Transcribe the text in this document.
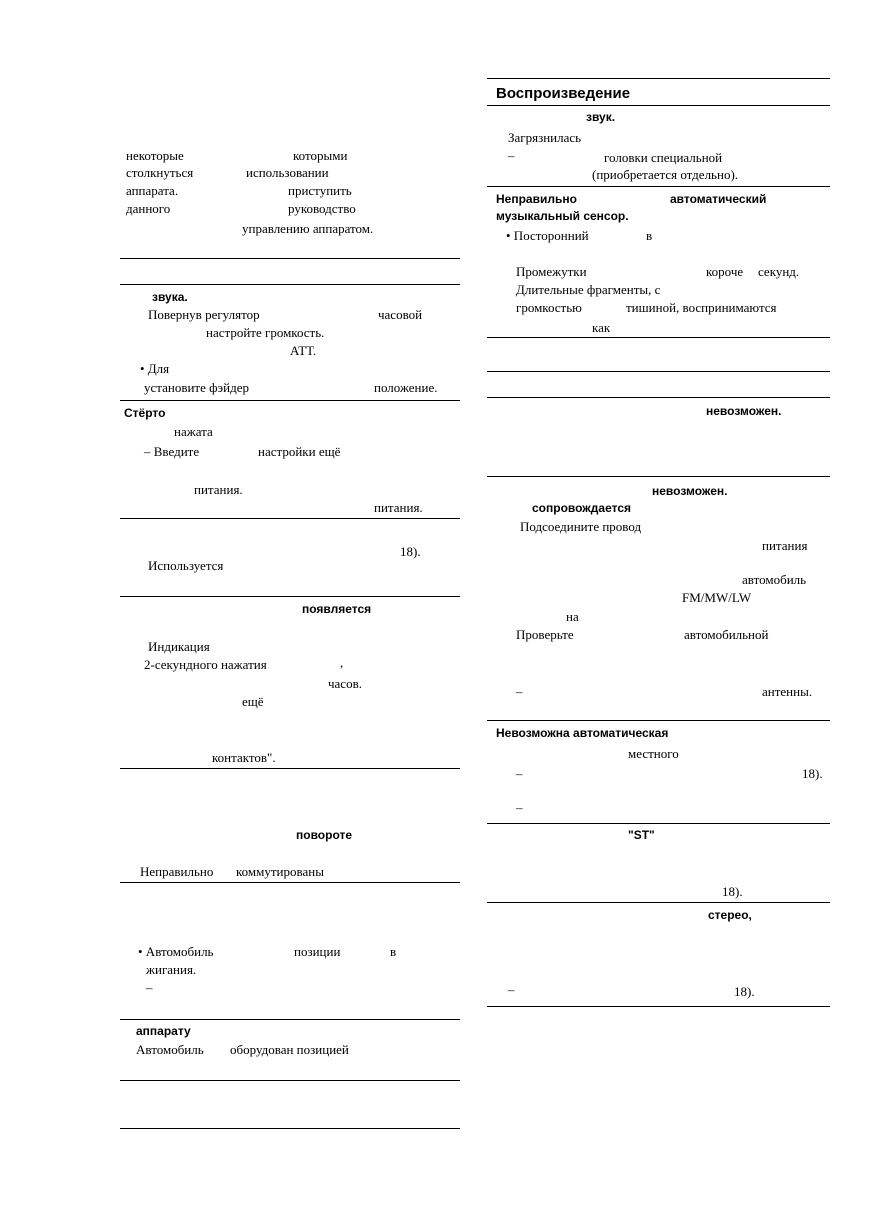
некоторые	которыми
столкнуться	использовании
аппарата.	приступить
данного	руководство
управлению аппаратом.
звука.
Повернув регулятор	часовой
настройте громкость.
АТТ.
• Для
установите фэйдер	положение.
Стёрто
нажата
– Введите	настройки ещё
питания.
питания.
18).
Используется
появляется
Индикация
2-секундного нажатия	,
часов.
ещё
контактов".
повороте
Неправильно коммутированы
• Автомобиль	позиции	в
жигания.
–
аппарату
Автомобиль оборудован позицией
Воспроизведение
звук.
Загрязнилась
–	головки специальной
(приобретается отдельно).
Неправильно	автоматический
музыкальный сенсор.
• Посторонний	в
Промежутки	короче секунд.
Длительные фрагменты, с
громкостью	тишиной, воспринимаются
как
невозможен.
невозможен.
сопровождается
Подсоедините провод
питания
автомобиль
FM/MW/LW
на
Проверьте	автомобильной
–	антенны.
Невозможна автоматическая
местного
–	18).
–
"ST"
18).
стерео,
–	18).
